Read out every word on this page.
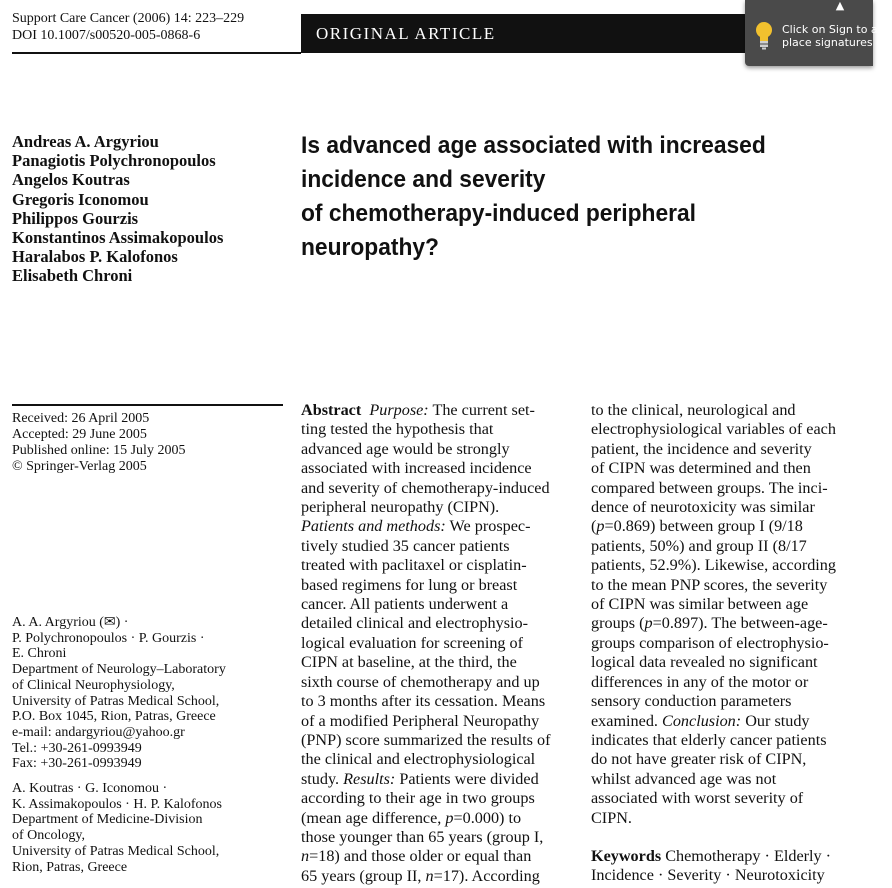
Support Care Cancer (2006) 14: 223–229
DOI 10.1007/s00520-005-0868-6	ORIGINAL ARTICLE
▲
Click on Sign to add
place signatures or
Andreas A. Argyriou
Panagiotis Polychronopoulos
Angelos Koutras
Gregoris Iconomou
Philippos Gourzis
Konstantinos Assimakopoulos
Haralabos P. Kalofonos
Elisabeth Chroni
Is advanced age associated with increased
incidence and severity
of chemotherapy-induced peripheral
neuropathy?
Received: 26 April 2005
Accepted: 29 June 2005
Published online: 15 July 2005
© Springer-Verlag 2005
A. A. Argyriou (✉) ·
P. Polychronopoulos · P. Gourzis ·
E. Chroni
Department of Neurology–Laboratory
of Clinical Neurophysiology,
University of Patras Medical School,
P.O. Box 1045, Rion, Patras, Greece
e-mail: andargyriou@yahoo.gr
Tel.: +30-261-0993949
Fax: +30-261-0993949
A. Koutras · G. Iconomou ·
K. Assimakopoulos · H. P. Kalofonos
Department of Medicine-Division
of Oncology,
University of Patras Medical School,
Rion, Patras, Greece
Abstract Purpose: The current set-
ting tested the hypothesis that
advanced age would be strongly
associated with increased incidence
and severity of chemotherapy-induced
peripheral neuropathy (CIPN).
Patients and methods: We prospec-
tively studied 35 cancer patients
treated with paclitaxel or cisplatin-
based regimens for lung or breast
cancer. All patients underwent a
detailed clinical and electrophysio-
logical evaluation for screening of
CIPN at baseline, at the third, the
sixth course of chemotherapy and up
to 3 months after its cessation. Means
of a modified Peripheral Neuropathy
(PNP) score summarized the results of
the clinical and electrophysiological
study. Results: Patients were divided
according to their age in two groups
(mean age difference, p=0.000) to
those younger than 65 years (group I,
n=18) and those older or equal than
65 years (group II, n=17). According
to the clinical, neurological and
electrophysiological variables of each
patient, the incidence and severity
of CIPN was determined and then
compared between groups. The inci-
dence of neurotoxicity was similar
(p=0.869) between group I (9/18
patients, 50%) and group II (8/17
patients, 52.9%). Likewise, according
to the mean PNP scores, the severity
of CIPN was similar between age
groups (p=0.897). The between-age-
groups comparison of electrophysio-
logical data revealed no significant
differences in any of the motor or
sensory conduction parameters
examined. Conclusion: Our study
indicates that elderly cancer patients
do not have greater risk of CIPN,
whilst advanced age was not
associated with worst severity of
CIPN.
Keywords Chemotherapy · Elderly ·
Incidence · Severity · Neurotoxicity
